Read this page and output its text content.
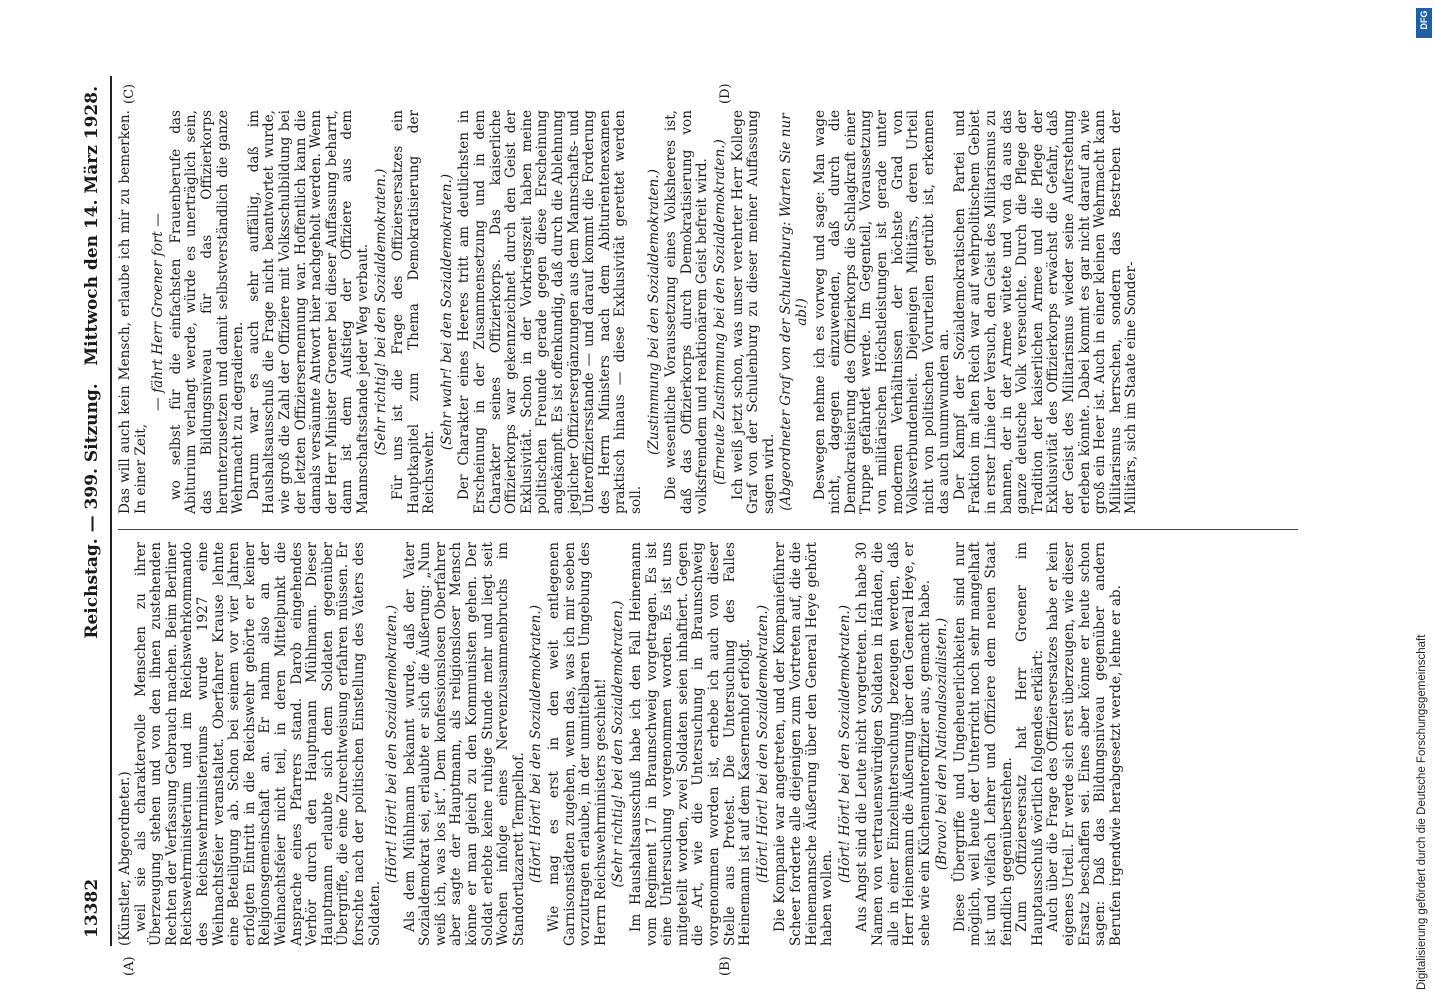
13382
Reichstag. — 399. Sitzung.
Mittwoch den 14. März 1928.
(A)	(B)
(C)	(D)

(Künstler, Abgeordneter.) weil sie als charaktervolle Menschen zu ihrer Überzeugung stehen und von den ihnen zustehenden Rechten der Verfassung Gebrauch machen. Beim Berliner Reichswehrministerium und im Reichswehrkommando des Reichswehrministeriums wurde 1927 eine Weihnachtsfeier veranstaltet. Oberfahrer Krause lehnte eine Beteiligung ab. Schon bei seinem vor vier Jahren erfolgten Eintritt in die Reichswehr gehörte er keiner Religionsgemeinschaft an. Er nahm also an der Weihnachtsfeier nicht teil, in deren Mittelpunkt die Ansprache eines Pfarrers stand. Darob eingehendes Verhör durch den Hauptmann Mühlmann. Dieser Hauptmann erlaubte sich dem Soldaten gegenüber Übergriffe, die eine Zurechtweisung erfahren müssen. Er forschte nach der politischen Einstellung des Vaters des Soldaten.

(Hört! Hört! bei den Sozialdemokraten.) Als dem Mühlmann bekannt wurde, daß der Vater Sozialdemokrat sei, erlaubte er sich die Äußerung: „Nun weiß ich, was los ist“. Dem konfessionslosen Oberfahrer aber sagte der Hauptmann, als religionsloser Mensch könne er man gleich zu den Kommunisten gehen. Der Soldat erlebte keine ruhige Stunde mehr und liegt seit Wochen infolge eines Nervenzusammenbruchs im Standortlazarett Tempelhof. (Hört! Hört! bei den Sozialdemokraten.) Wie mag es erst in den weit entlegenen Garnisonstädten zugehen, wenn das, was ich mir soeben vorzutragen erlaube, in der unmittelbaren Umgebung des Herrn Reichswehrministers geschieht! (Sehr richtig! bei den Sozialdemokraten.) Im Haushaltsausschuß habe ich den Fall Heinemann vom Regiment 17 in Braunschweig vorgetragen. Es ist eine Untersuchung vorgenommen worden. Es ist uns mitgeteilt worden, zwei Soldaten seien inhaftiert. Gegen die Art, wie die Untersuchung in Braunschweig vorgenommen worden ist, erhebe ich auch von dieser Stelle aus Protest. Die Untersuchung des Falles Heinemann ist auf dem Kasernenhof erfolgt. (Hört! Hört! bei den Sozialdemokraten.) Die Kompanie war angetreten, und der Kompanieführer Scheer forderte alle diejenigen zum Vortreten auf, die die Heinemannsche Äußerung über den General Heye gehört haben wollen.

(Hört! Hört! bei den Sozialdemokraten.) Aus Angst sind die Leute nicht vorgetreten. Ich habe 30 Namen von vertrauenswürdigen Soldaten in Händen, die alle in einer Einzeluntersuchung bezeugen werden, daß Herr Heinemann die Äußerung über den General Heye, er sehe wie ein Küchenunteroffizier aus, gemacht habe. (Bravo! bei den Nationalsozialisten.) Diese Übergriffe und Ungeheuerlichkeiten sind nur möglich, weil heute der Unterricht noch sehr mangelhaft ist und vielfach Lehrer und Offiziere dem neuen Staat feindlich gegenüberstehen. Zum Offiziersersatz hat Herr Groener im Hauptausschuß wörtlich folgendes erklärt: Auch über die Frage des Offiziersersatzes habe er kein eigenes Urteil. Er werde sich erst überzeugen, wie dieser Ersatz beschaffen sei. Eines aber könne er heute schon sagen: Daß das Bildungsniveau gegenüber andern Berufen irgendwie herabgesetzt werde, lehne er ab.

Das will auch kein Mensch, erlaube ich mir zu bemerken. In einer Zeit,

— fährt Herr Groener fort — wo selbst für die einfachsten Frauenberufe das Abiturium verlangt werde, würde es unerträglich sein, das Bildungsniveau für das Offizierkorps herunterzusetzen und damit selbstverständlich die ganze Wehrmacht zu degradieren. Darum war es auch sehr auffällig, daß im Haushaltsausschuß die Frage nicht beantwortet wurde, wie groß die Zahl der Offiziere mit Volksschulbildung bei der letzten Offiziersernennung war. Hoffentlich kann die damals versäumte Antwort hier nachgeholt werden. Wenn der Herr Minister Groener bei dieser Auffassung beharrt, dann ist dem Aufstieg der Offiziere aus dem Mannschaftsstande jeder Weg verbaut. (Sehr richtig! bei den Sozialdemokraten.) Für uns ist die Frage des Offiziersersatzes ein Hauptkapitel zum Thema Demokratisierung der Reichswehr.

(Sehr wahr! bei den Sozialdemokraten.) Der Charakter eines Heeres tritt am deutlichsten in Erscheinung in der Zusammensetzung und in dem Charakter seines Offizierkorps. Das kaiserliche Offizierkorps war gekennzeichnet durch den Geist der Exklusivität. Schon in der Vorkriegszeit haben meine politischen Freunde gerade gegen diese Erscheinung angekämpft. Es ist offenkundig, daß durch die Ablehnung jeglicher Offiziersergänzungen aus dem Mannschafts- und Unteroffiziersstande — und darauf kommt die Forderung des Herrn Ministers nach dem Abiturientenexamen praktisch hinaus — diese Exklusivität gerettet werden soll.

(Zustimmung bei den Sozialdemokraten.) Die wesentliche Voraussetzung eines Volksheeres ist, daß das Offizierkorps durch Demokratisierung von volksfremdem und reaktionärem Geist befreit wird. (Erneute Zustimmung bei den Sozialdemokraten.) Ich weiß jetzt schon, was unser verehrter Herr Kollege Graf von der Schulenburg zu dieser meiner Auffassung sagen wird. (Abgeordneter Graf von der Schulenburg: Warten Sie nur ab!) Deswegen nehme ich es vorweg und sage: Man wage nicht, dagegen einzuwenden, daß durch die Demokratisierung des Offizierkorps die Schlagkraft einer Truppe gefährdet werde. Im Gegenteil, Voraussetzung von militärischen Höchstleistungen ist gerade unter modernen Verhältnissen der höchste Grad von Volksverbundenheit. Diejenigen Militärs, deren Urteil nicht von politischen Vorurteilen getrübt ist, erkennen das auch unumwunden an. Der Kampf der Sozialdemokratischen Partei und Fraktion im alten Reich war auf wehrpolitischem Gebiet in erster Linie der Versuch, den Geist des Militarismus zu bannen, der in der Armee wütete und von da aus das ganze deutsche Volk verseuchte. Durch die Pflege der Tradition der kaiserlichen Armee und die Pflege der Exklusivität des Offizierkorps erwächst die Gefahr, daß der Geist des Militarismus wieder seine Auferstehung erleben könnte. Dabei kommt es gar nicht darauf an, wie groß ein Heer ist. Auch in einer kleinen Wehrmacht kann Militarismus herrschen, sondern das Bestreben der Militärs, sich im Staate eine Sonder-

Digitalisierung gefördert durch die Deutsche Forschungsgemeinschaft
DFG
